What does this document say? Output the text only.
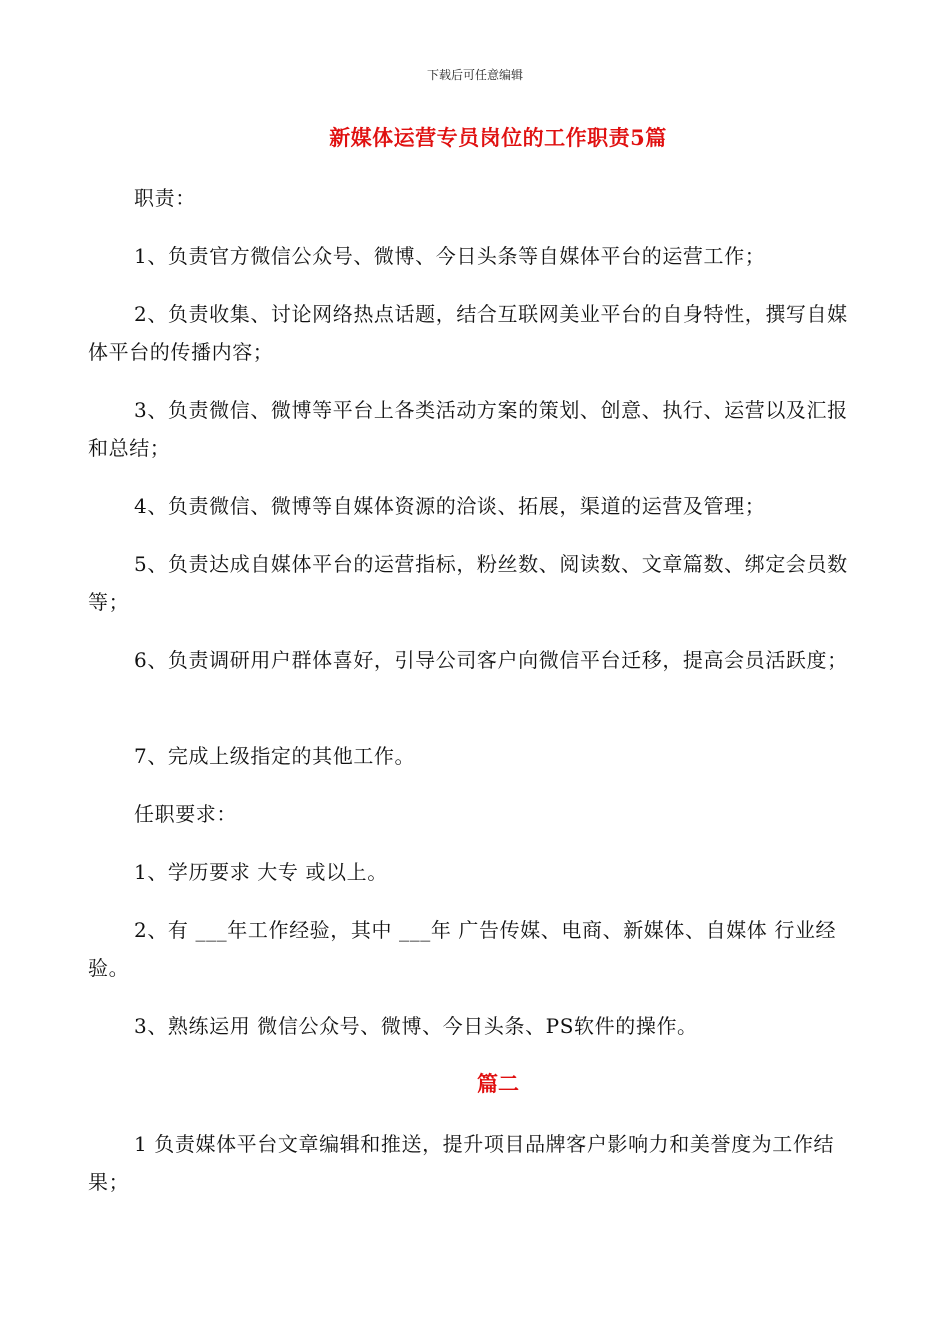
下载后可任意编辑
新媒体运营专员岗位的工作职责5篇
职责：
1、负责官方微信公众号、微博、今日头条等自媒体平台的运营工作；
2、负责收集、讨论网络热点话题，结合互联网美业平台的自身特性，撰写自媒体平台的传播内容；
3、负责微信、微博等平台上各类活动方案的策划、创意、执行、运营以及汇报和总结；
4、负责微信、微博等自媒体资源的洽谈、拓展，渠道的运营及管理；
5、负责达成自媒体平台的运营指标，粉丝数、阅读数、文章篇数、绑定会员数等；
6、负责调研用户群体喜好，引导公司客户向微信平台迁移，提高会员活跃度；
7、完成上级指定的其他工作。
任职要求：
1、学历要求 大专 或以上。
2、有 ___年工作经验，其中 ___年 广告传媒、电商、新媒体、自媒体 行业经验。
3、熟练运用 微信公众号、微博、今日头条、PS软件的操作。
篇二
1 负责媒体平台文章编辑和推送，提升项目品牌客户影响力和美誉度为工作结果；
